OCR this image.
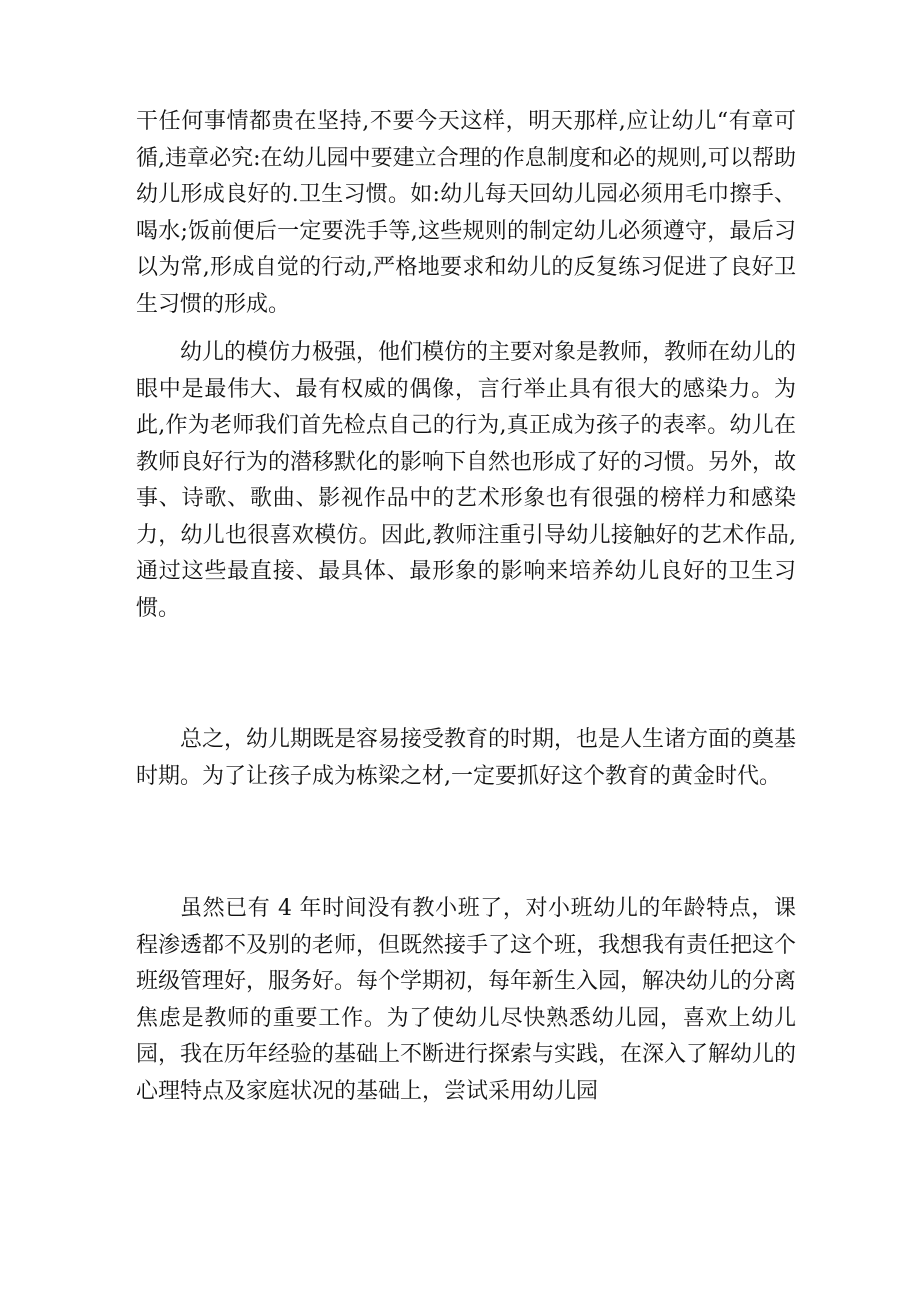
干任何事情都贵在坚持,不要今天这样，明天那样,应让幼儿“有章可循,违章必究:在幼儿园中要建立合理的作息制度和必的规则,可以帮助幼儿形成良好的.卫生习惯。如:幼儿每天回幼儿园必须用毛巾擦手、喝水;饭前便后一定要洗手等,这些规则的制定幼儿必须遵守，最后习以为常,形成自觉的行动,严格地要求和幼儿的反复练习促进了良好卫生习惯的形成。

幼儿的模仿力极强，他们模仿的主要对象是教师，教师在幼儿的眼中是最伟大、最有权威的偶像，言行举止具有很大的感染力。为此,作为老师我们首先检点自己的行为,真正成为孩子的表率。幼儿在教师良好行为的潜移默化的影响下自然也形成了好的习惯。另外，故事、诗歌、歌曲、影视作品中的艺术形象也有很强的榜样力和感染力，幼儿也很喜欢模仿。因此,教师注重引导幼儿接触好的艺术作品,通过这些最直接、最具体、最形象的影响来培养幼儿良好的卫生习惯。

总之，幼儿期既是容易接受教育的时期，也是人生诸方面的奠基时期。为了让孩子成为栋梁之材,一定要抓好这个教育的黄金时代。

虽然已有 4 年时间没有教小班了，对小班幼儿的年龄特点，课程渗透都不及别的老师，但既然接手了这个班，我想我有责任把这个班级管理好，服务好。每个学期初，每年新生入园，解决幼儿的分离焦虑是教师的重要工作。为了使幼儿尽快熟悉幼儿园，喜欢上幼儿园，我在历年经验的基础上不断进行探索与实践，在深入了解幼儿的心理特点及家庭状况的基础上，尝试采用幼儿园
